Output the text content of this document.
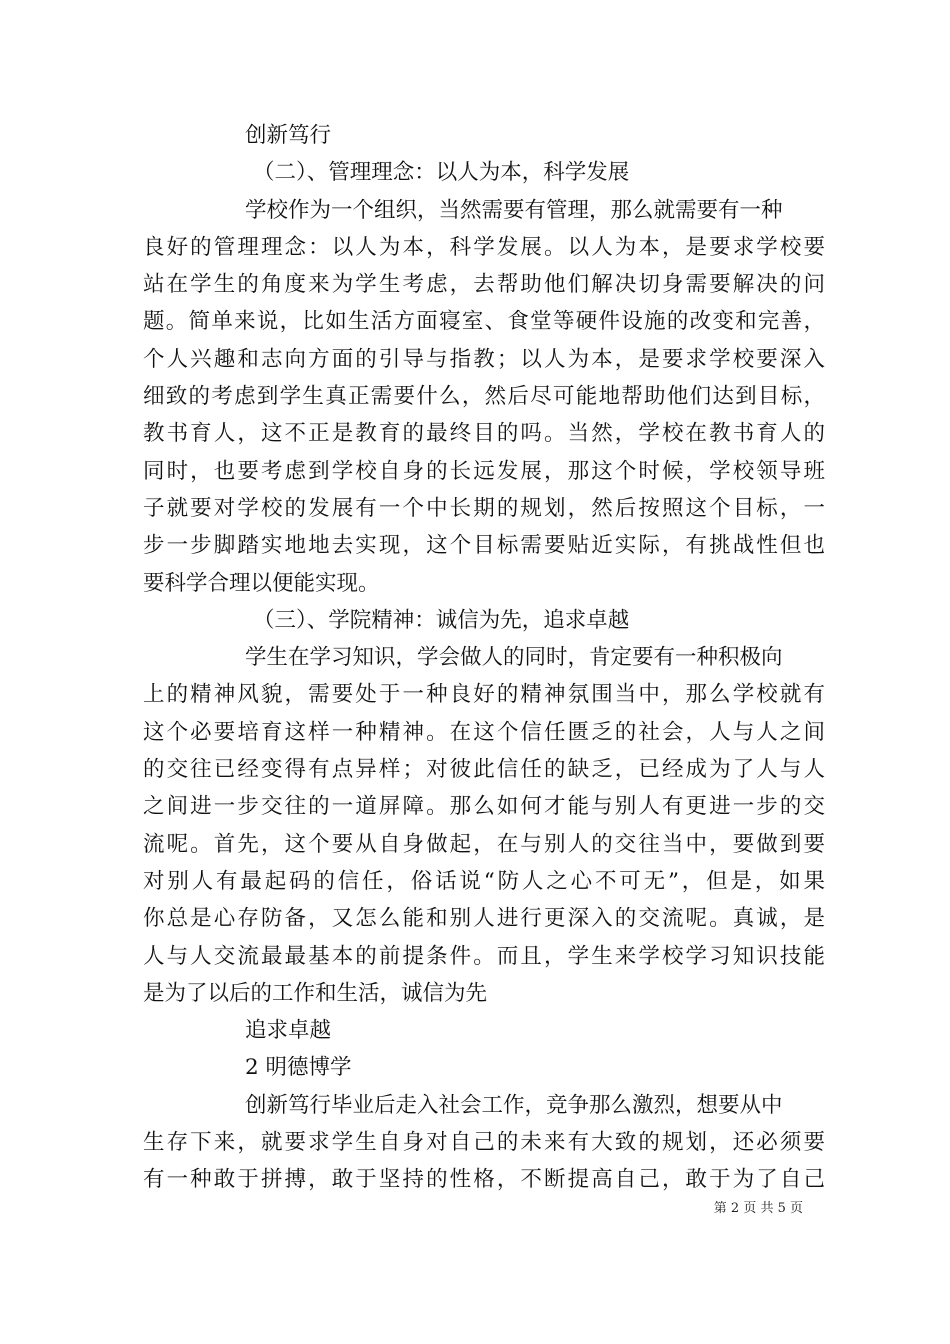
创新笃行
（二）、管理理念：以人为本，科学发展
学校作为一个组织，当然需要有管理，那么就需要有一种
良好的管理理念：以人为本，科学发展。以人为本，是要求学校要
站在学生的角度来为学生考虑，去帮助他们解决切身需要解决的问
题。简单来说，比如生活方面寝室、食堂等硬件设施的改变和完善，
个人兴趣和志向方面的引导与指教；以人为本，是要求学校要深入
细致的考虑到学生真正需要什么，然后尽可能地帮助他们达到目标，
教书育人，这不正是教育的最终目的吗。当然，学校在教书育人的
同时，也要考虑到学校自身的长远发展，那这个时候，学校领导班
子就要对学校的发展有一个中长期的规划，然后按照这个目标，一
步一步脚踏实地地去实现，这个目标需要贴近实际，有挑战性但也
要科学合理以便能实现。
（三）、学院精神：诚信为先，追求卓越
学生在学习知识，学会做人的同时，肯定要有一种积极向
上的精神风貌，需要处于一种良好的精神氛围当中，那么学校就有
这个必要培育这样一种精神。在这个信任匮乏的社会，人与人之间
的交往已经变得有点异样；对彼此信任的缺乏，已经成为了人与人
之间进一步交往的一道屏障。那么如何才能与别人有更进一步的交
流呢。首先，这个要从自身做起，在与别人的交往当中，要做到要
对别人有最起码的信任，俗话说“防人之心不可无”，但是，如果
你总是心存防备，又怎么能和别人进行更深入的交流呢。真诚，是
人与人交流最最基本的前提条件。而且，学生来学校学习知识技能
是为了以后的工作和生活，诚信为先
追求卓越
2 明德博学
创新笃行毕业后走入社会工作，竞争那么激烈，想要从中
生存下来，就要求学生自身对自己的未来有大致的规划，还必须要
有一种敢于拼搏，敢于坚持的性格，不断提高自己，敢于为了自己
第 2 页 共 5 页
